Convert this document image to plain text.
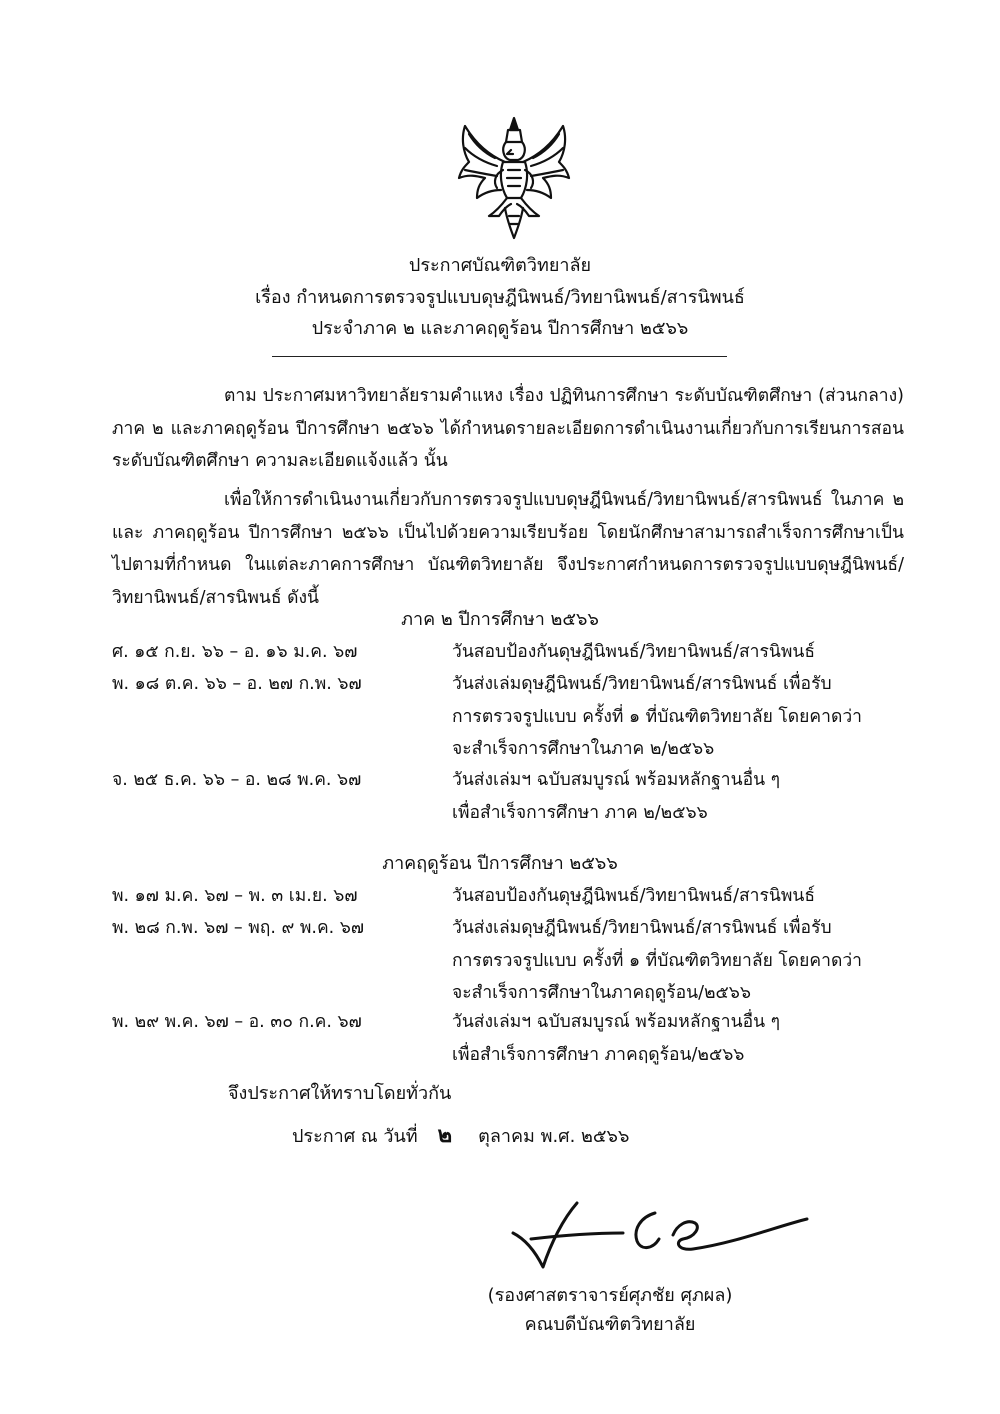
ประกาศบัณฑิตวิทยาลัย
เรื่อง กำหนดการตรวจรูปแบบดุษฎีนิพนธ์/วิทยานิพนธ์/สารนิพนธ์
ประจำภาค ๒ และภาคฤดูร้อน ปีการศึกษา ๒๕๖๖
ตาม ประกาศมหาวิทยาลัยรามคำแหง เรื่อง ปฏิทินการศึกษา ระดับบัณฑิตศึกษา (ส่วนกลาง) ภาค ๒ และภาคฤดูร้อน ปีการศึกษา ๒๕๖๖ ได้กำหนดรายละเอียดการดำเนินงานเกี่ยวกับการเรียนการสอน ระดับบัณฑิตศึกษา ความละเอียดแจ้งแล้ว นั้น
เพื่อให้การดำเนินงานเกี่ยวกับการตรวจรูปแบบดุษฎีนิพนธ์/วิทยานิพนธ์/สารนิพนธ์ ในภาค ๒ และ ภาคฤดูร้อน ปีการศึกษา ๒๕๖๖ เป็นไปด้วยความเรียบร้อย โดยนักศึกษาสามารถสำเร็จการศึกษาเป็นไปตามที่กำหนด ในแต่ละภาคการศึกษา บัณฑิตวิทยาลัย จึงประกาศกำหนดการตรวจรูปแบบดุษฎีนิพนธ์/วิทยานิพนธ์/สารนิพนธ์ ดังนี้
ภาค ๒ ปีการศึกษา ๒๕๖๖
ศ. ๑๕ ก.ย. ๖๖ – อ. ๑๖ ม.ค. ๖๗	วันสอบป้องกันดุษฎีนิพนธ์/วิทยานิพนธ์/สารนิพนธ์
พ. ๑๘ ต.ค. ๖๖ – อ. ๒๗ ก.พ. ๖๗	วันส่งเล่มดุษฎีนิพนธ์/วิทยานิพนธ์/สารนิพนธ์ เพื่อรับ
การตรวจรูปแบบ ครั้งที่ ๑ ที่บัณฑิตวิทยาลัย โดยคาดว่า
จะสำเร็จการศึกษาในภาค ๒/๒๕๖๖
จ. ๒๕ ธ.ค. ๖๖ – อ. ๒๘ พ.ค. ๖๗	วันส่งเล่มฯ ฉบับสมบูรณ์ พร้อมหลักฐานอื่น ๆ
เพื่อสำเร็จการศึกษา ภาค ๒/๒๕๖๖
ภาคฤดูร้อน ปีการศึกษา ๒๕๖๖
พ. ๑๗ ม.ค. ๖๗ – พ. ๓ เม.ย. ๖๗	วันสอบป้องกันดุษฎีนิพนธ์/วิทยานิพนธ์/สารนิพนธ์
พ. ๒๘ ก.พ. ๖๗ – พฤ. ๙ พ.ค. ๖๗	วันส่งเล่มดุษฎีนิพนธ์/วิทยานิพนธ์/สารนิพนธ์ เพื่อรับ
การตรวจรูปแบบ ครั้งที่ ๑ ที่บัณฑิตวิทยาลัย โดยคาดว่า
จะสำเร็จการศึกษาในภาคฤดูร้อน/๒๕๖๖
พ. ๒๙ พ.ค. ๖๗ – อ. ๓๐ ก.ค. ๖๗	วันส่งเล่มฯ ฉบับสมบูรณ์ พร้อมหลักฐานอื่น ๆ
เพื่อสำเร็จการศึกษา ภาคฤดูร้อน/๒๕๖๖
จึงประกาศให้ทราบโดยทั่วกัน
ประกาศ ณ วันที่ ๒ ตุลาคม พ.ศ. ๒๕๖๖
(รองศาสตราจารย์ศุภชัย ศุภผล)
คณบดีบัณฑิตวิทยาลัย
